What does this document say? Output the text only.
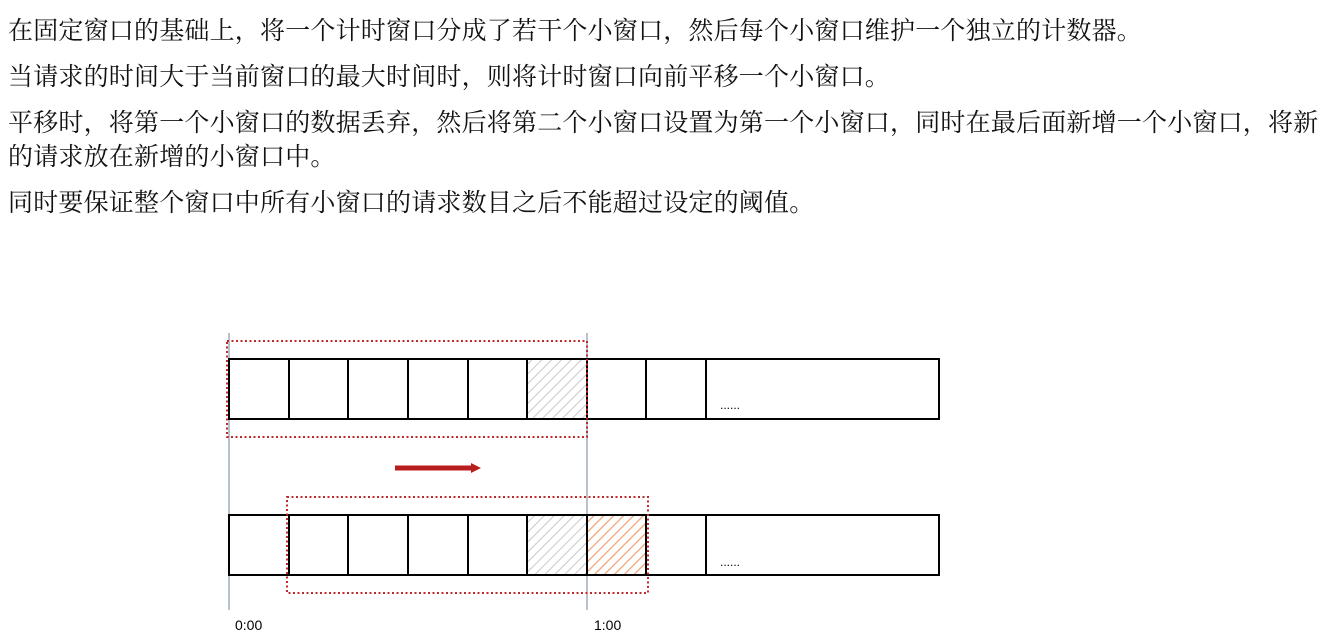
在固定窗口的基础上，将一个计时窗口分成了若干个小窗口，然后每个小窗口维护一个独立的计数器。

当请求的时间大于当前窗口的最大时间时，则将计时窗口向前平移一个小窗口。

平移时，将第一个小窗口的数据丢弃，然后将第二个小窗口设置为第一个小窗口，同时在最后面新增一个小窗口，将新的请求放在新增的小窗口中。

同时要保证整个窗口中所有小窗口的请求数目之后不能超过设定的阈值。

......
......
0:00	1:00
